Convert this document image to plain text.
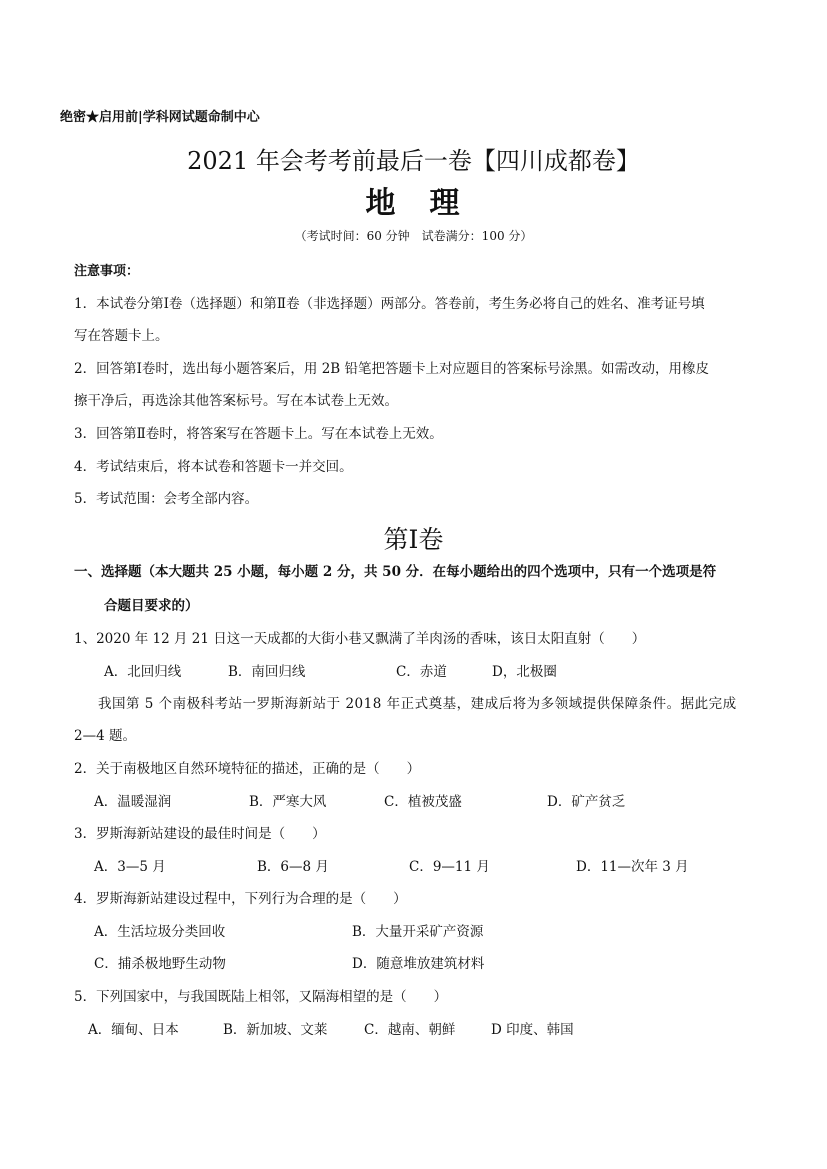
绝密★启用前|学科网试题命制中心
2021 年会考考前最后一卷【四川成都卷】
地　理
（考试时间：60 分钟　试卷满分：100 分）
注意事项：
1．本试卷分第Ⅰ卷（选择题）和第Ⅱ卷（非选择题）两部分。答卷前，考生务必将自己的姓名、准考证号填
写在答题卡上。
2．回答第Ⅰ卷时，选出每小题答案后，用 2B 铅笔把答题卡上对应题目的答案标号涂黑。如需改动，用橡皮
擦干净后，再选涂其他答案标号。写在本试卷上无效。
3．回答第Ⅱ卷时，将答案写在答题卡上。写在本试卷上无效。
4．考试结束后，将本试卷和答题卡一并交回。
5．考试范围：会考全部内容。
第Ⅰ卷
一、选择题（本大题共 25 小题，每小题 2 分，共 50 分．在每小题给出的四个选项中，只有一个选项是符
合题目要求的）
1、2020 年 12 月 21 日这一天成都的大街小巷又飘满了羊肉汤的香味，该日太阳直射（　　）
A．北回归线	B．南回归线	C．赤道	D，北极圈
我国第 5 个南极科考站一罗斯海新站于 2018 年正式奠基，建成后将为多领域提供保障条件。据此完成
2—4 题。
2．关于南极地区自然环境特征的描述，正确的是（　　）
A．温暖湿润	B．严寒大风	C．植被茂盛	D．矿产贫乏
3．罗斯海新站建设的最佳时间是（　　）
A．3—5 月	B．6—8 月	C．9—11 月	D．11—次年 3 月
4．罗斯海新站建设过程中，下列行为合理的是（　　）
A．生活垃圾分类回收	B．大量开采矿产资源
C．捕杀极地野生动物	D．随意堆放建筑材料
5．下列国家中，与我国既陆上相邻，又隔海相望的是（　　）
A．缅甸、日本	B．新加坡、文莱	C．越南、朝鲜	D 印度、韩国
